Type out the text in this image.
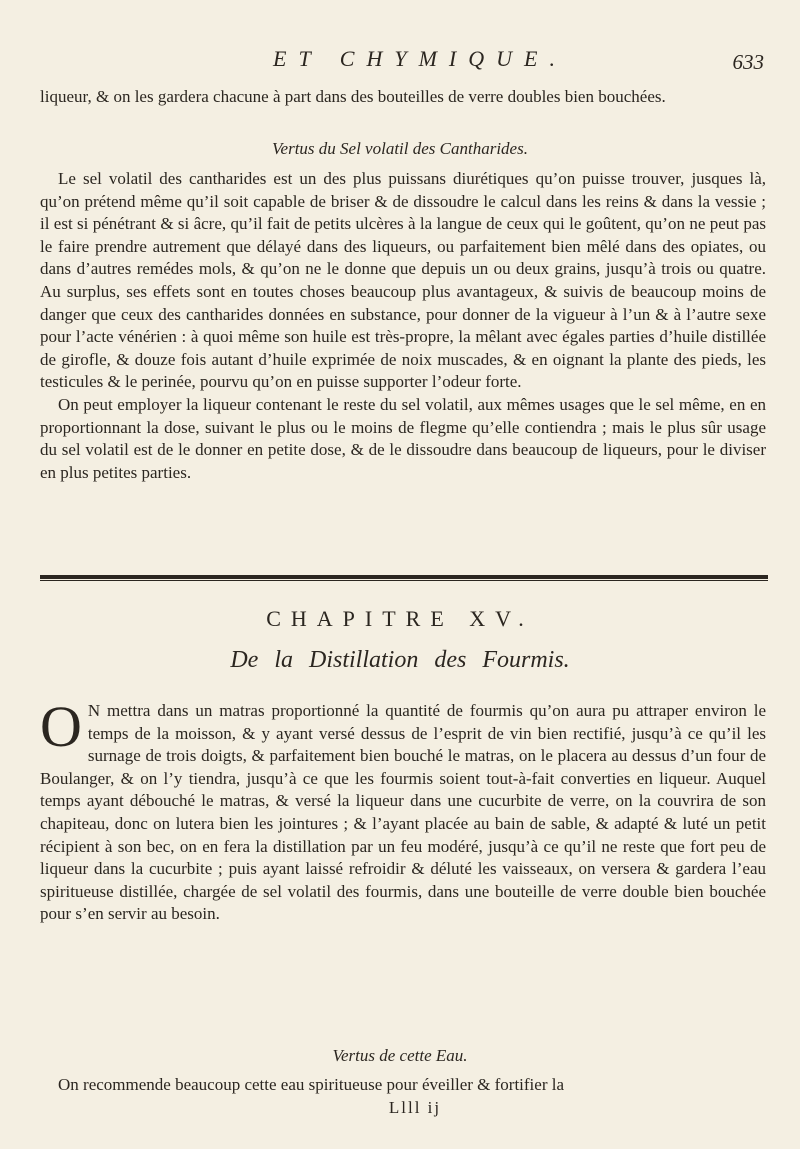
ET CHYMIQUE.	633

liqueur, & on les gardera chacune à part dans des bouteilles de verre doubles bien bouchées.

Vertus du Sel volatil des Cantharides.

Le sel volatil des cantharides est un des plus puissans diurétiques qu’on puisse trouver, jusques là, qu’on prétend même qu’il soit capable de briser & de dissoudre le calcul dans les reins & dans la vessie ; il est si pénétrant & si âcre, qu’il fait de petits ulcères à la langue de ceux qui le goûtent, qu’on ne peut pas le faire prendre autrement que délayé dans des liqueurs, ou parfaitement bien mêlé dans des opiates, ou dans d’autres remédes mols, & qu’on ne le donne que depuis un ou deux grains, jusqu’à trois ou quatre. Au surplus, ses effets sont en toutes choses beaucoup plus avantageux, & suivis de beaucoup moins de danger que ceux des cantharides données en substance, pour donner de la vigueur à l’un & à l’autre sexe pour l’acte vénérien : à quoi même son huile est très-propre, la mêlant avec égales parties d’huile distillée de girofle, & douze fois autant d’huile exprimée de noix muscades, & en oignant la plante des pieds, les testicules & le perinée, pourvu qu’on en puisse supporter l’odeur forte.

On peut employer la liqueur contenant le reste du sel volatil, aux mêmes usages que le sel même, en en proportionnant la dose, suivant le plus ou le moins de flegme qu’elle contiendra ; mais le plus sûr usage du sel volatil est de le donner en petite dose, & de le dissoudre dans beaucoup de liqueurs, pour le diviser en plus petites parties.

CHAPITRE XV.
De la Distillation des Fourmis.

O N mettra dans un matras proportionné la quantité de fourmis qu’on aura pu attraper environ le temps de la moisson, & y ayant versé dessus de l’esprit de vin bien rectifié, jusqu’à ce qu’il les surnage de trois doigts, & parfaitement bien bouché le matras, on le placera au dessus d’un four de Boulanger, & on l’y tiendra, jusqu’à ce que les fourmis soient tout-à-fait converties en liqueur. Auquel temps ayant débouché le matras, & versé la liqueur dans une cucurbite de verre, on la couvrira de son chapiteau, donc on lutera bien les jointures ; & l’ayant placée au bain de sable, & adapté & luté un petit récipient à son bec, on en fera la distillation par un feu modéré, jusqu’à ce qu’il ne reste que fort peu de liqueur dans la cucurbite ; puis ayant laissé refroidir & déluté les vaisseaux, on versera & gardera l’eau spiritueuse distillée, chargée de sel volatil des fourmis, dans une bouteille de verre double bien bouchée pour s’en servir au besoin.

Vertus de cette Eau.

On recommende beaucoup cette eau spiritueuse pour éveiller & fortifier la

Llll ij
